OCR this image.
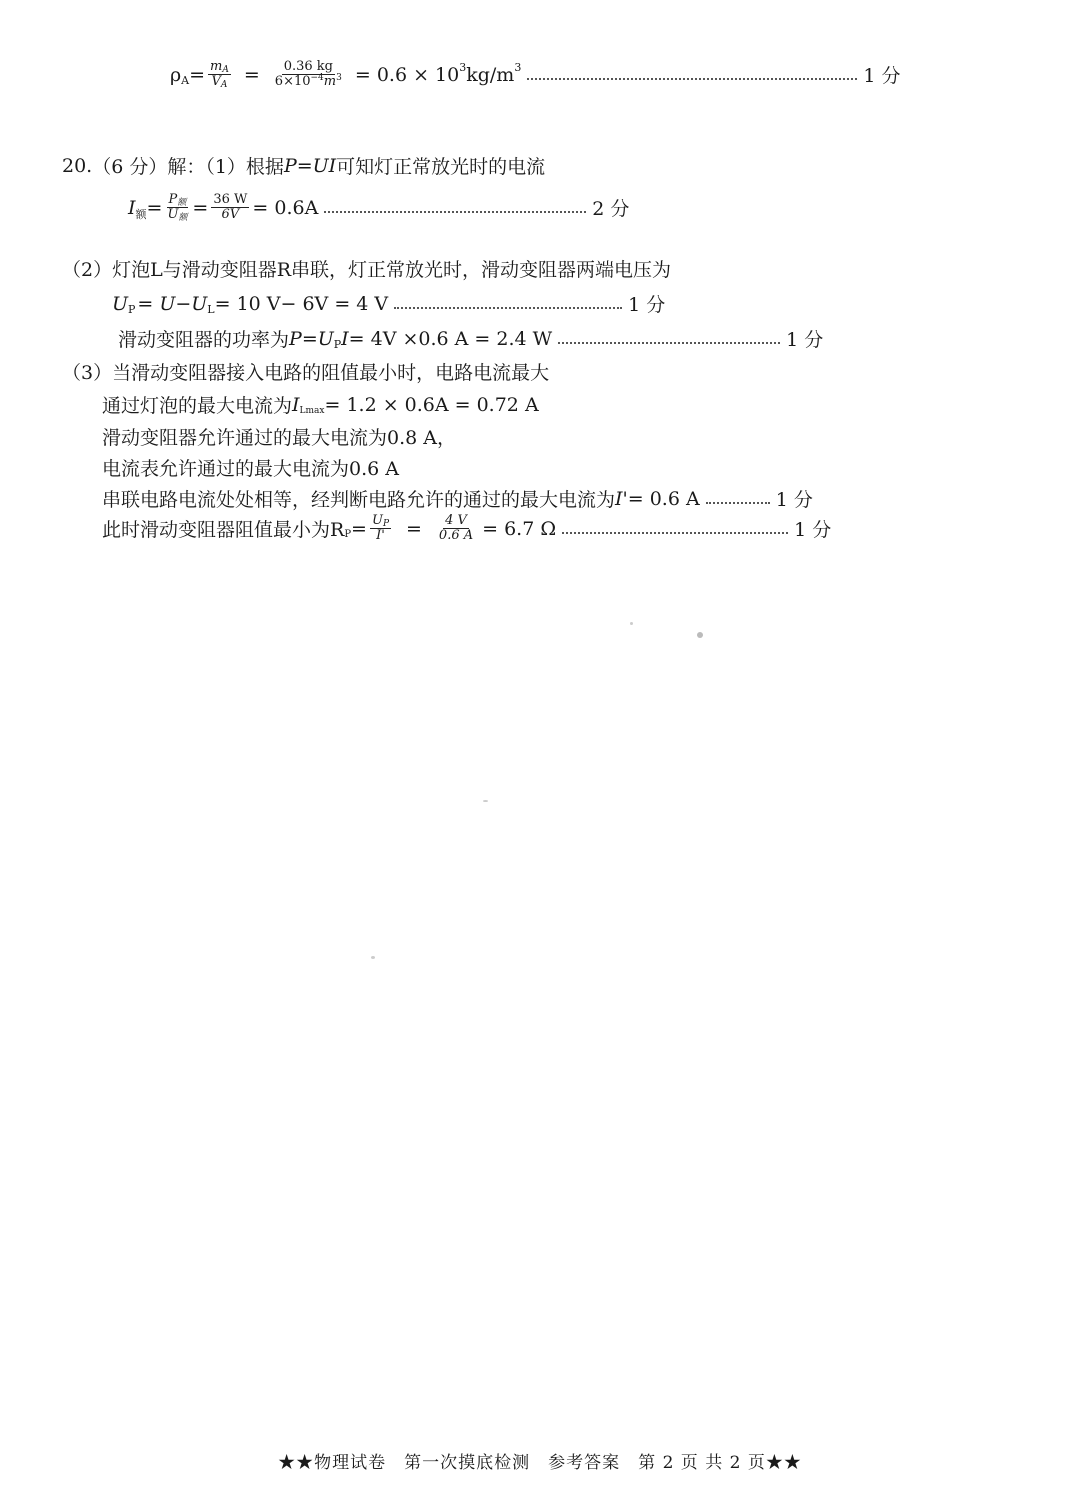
ρ $A = \frac{mA}{VA} = \frac{0.36 kg}{6\times 10^{-4}m^3} = 0.6 \times 10$ 3 kg/m 3	1 分
20. （6 分）解：（1）根据 P=UI 可知灯正常放光时的电流
I 额 = $\frac{\text{P额}}{\text{U额}} = \frac{36 W}{6V} = 0.6A$	2 分
（2）灯泡L与滑动变阻器R串联，灯正常放光时，滑动变阻器两端电压为
U P = U − U L = 10 V− 6V = 4 V	1 分
滑动变阻器的功率为 P = U P I = 4V ×0.6 A = 2.4 W	1 分
（3）当滑动变阻器接入电路的阻值最小时，电路电流最大
通过灯泡的最大电流为 I Lmax = 1.2 × 0.6A = 0.72 A
滑动变阻器允许通过的最大电流为0.8 A，
电流表允许通过的最大电流为0.6 A
串联电路电流处处相等，经判断电路允许的通过的最大电流为 I' = 0.6 A	1 分
此时滑动变阻器阻值最小为R $P = \frac{UP}{I'} = \frac{4 V}{0.6 A} = 6.7$ Ω	1 分
★★物理试卷　第一次摸底检测　参考答案　第 2 页 共 2 页★★
